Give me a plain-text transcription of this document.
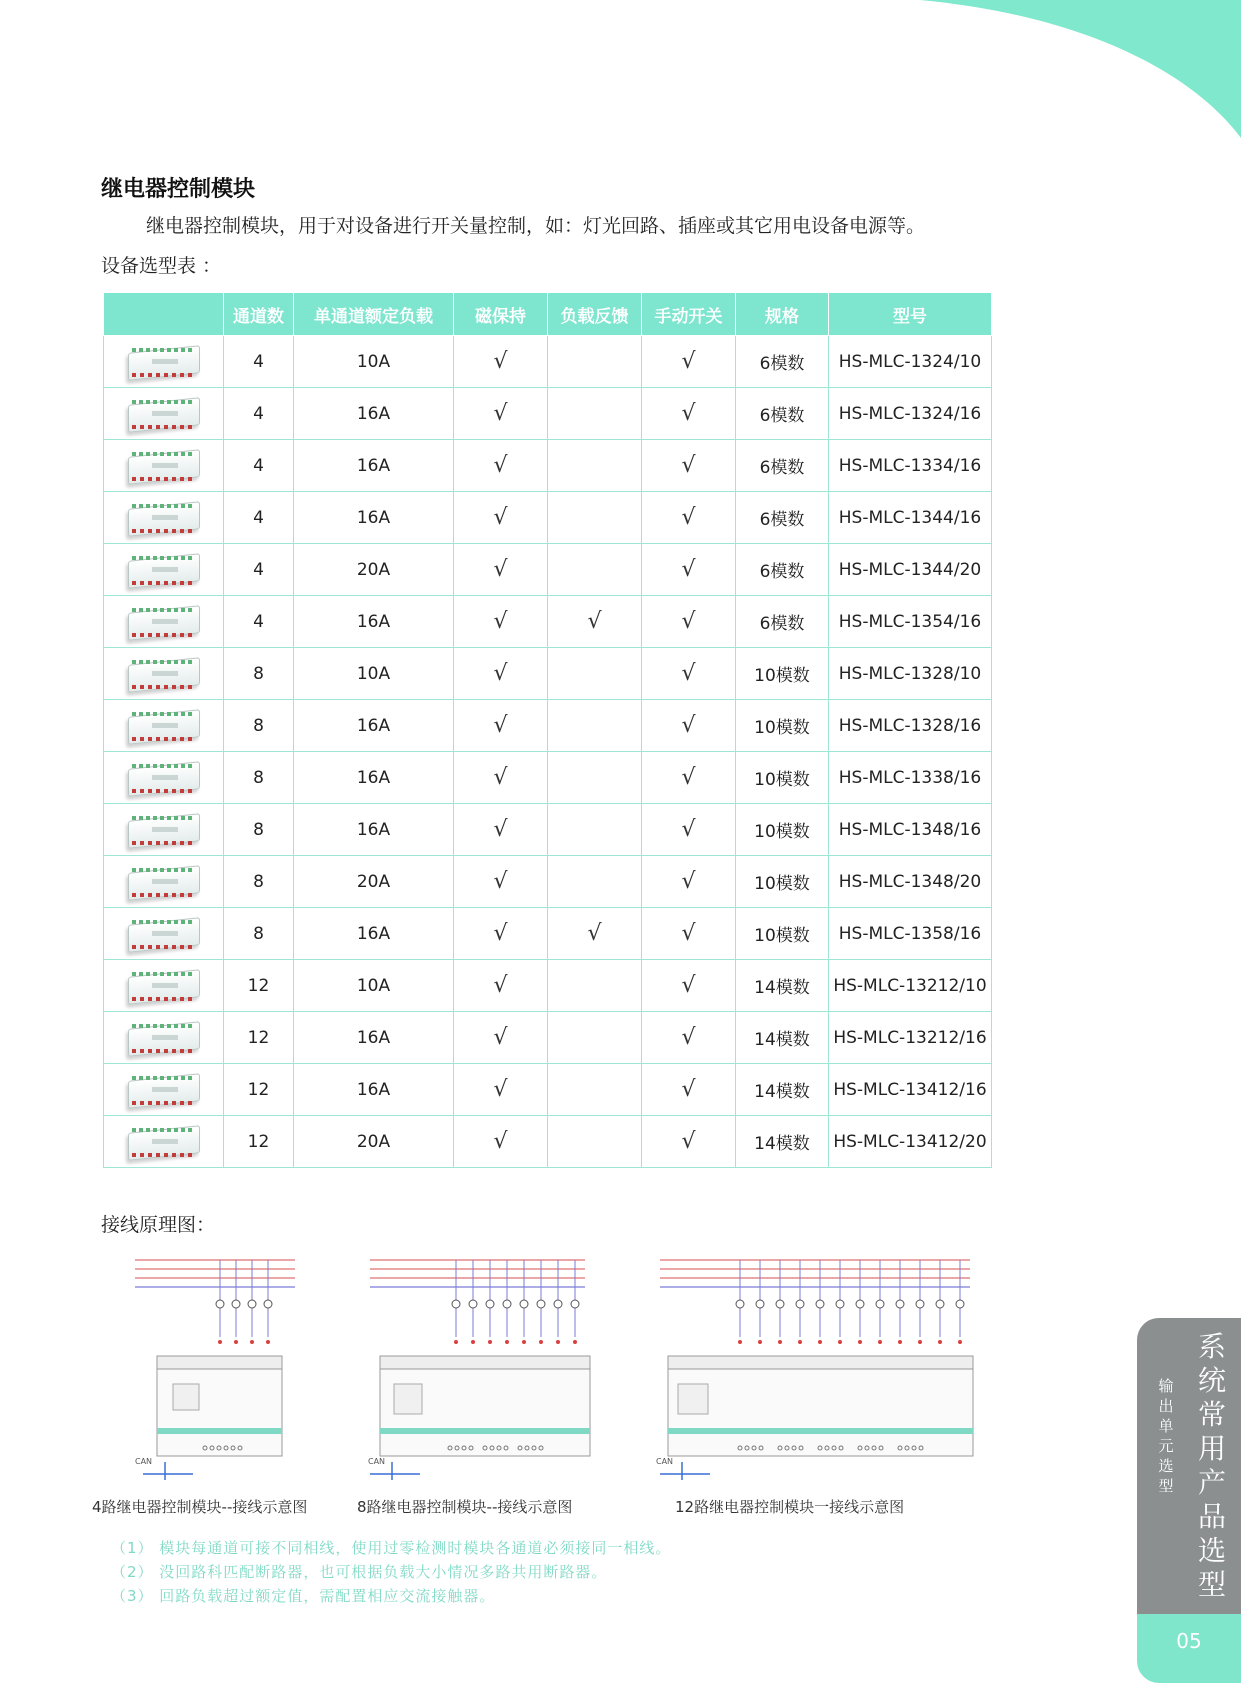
继电器控制模块

继电器控制模块，用于对设备进行开关量控制，如：灯光回路、插座或其它用电设备电源等。

设备选型表 ：

	通道数	单通道额定负载	磁保持	负载反馈	手动开关	规格	型号

	4	10A	√		√	6模数	HS-MLC-1324/10

	4	16A	√		√	6模数	HS-MLC-1324/16

	4	16A	√		√	6模数	HS-MLC-1334/16

	4	16A	√		√	6模数	HS-MLC-1344/16

	4	20A	√		√	6模数	HS-MLC-1344/20

	4	16A	√	√	√	6模数	HS-MLC-1354/16

	8	10A	√		√	10模数	HS-MLC-1328/10

	8	16A	√		√	10模数	HS-MLC-1328/16

	8	16A	√		√	10模数	HS-MLC-1338/16

	8	16A	√		√	10模数	HS-MLC-1348/16

	8	20A	√		√	10模数	HS-MLC-1348/20

	8	16A	√	√	√	10模数	HS-MLC-1358/16

	12	10A	√		√	14模数	HS-MLC-13212/10

	12	16A	√		√	14模数	HS-MLC-13212/16

	12	16A	√		√	14模数	HS-MLC-13412/16

	12	20A	√		√	14模数	HS-MLC-13412/20

接线原理图：

CAN	CAN	CAN

4路继电器控制模块--接线示意图	8路继电器控制模块--接线示意图	12路继电器控制模块一接线示意图

（1） 模块每通道可接不同相线，使用过零检测时模块各通道必须接同一相线。
（2） 没回路科匹配断路器，也可根据负载大小情况多路共用断路器。
（3） 回路负载超过额定值，需配置相应交流接触器。
系统常用产品选型
输出单元选型
05
